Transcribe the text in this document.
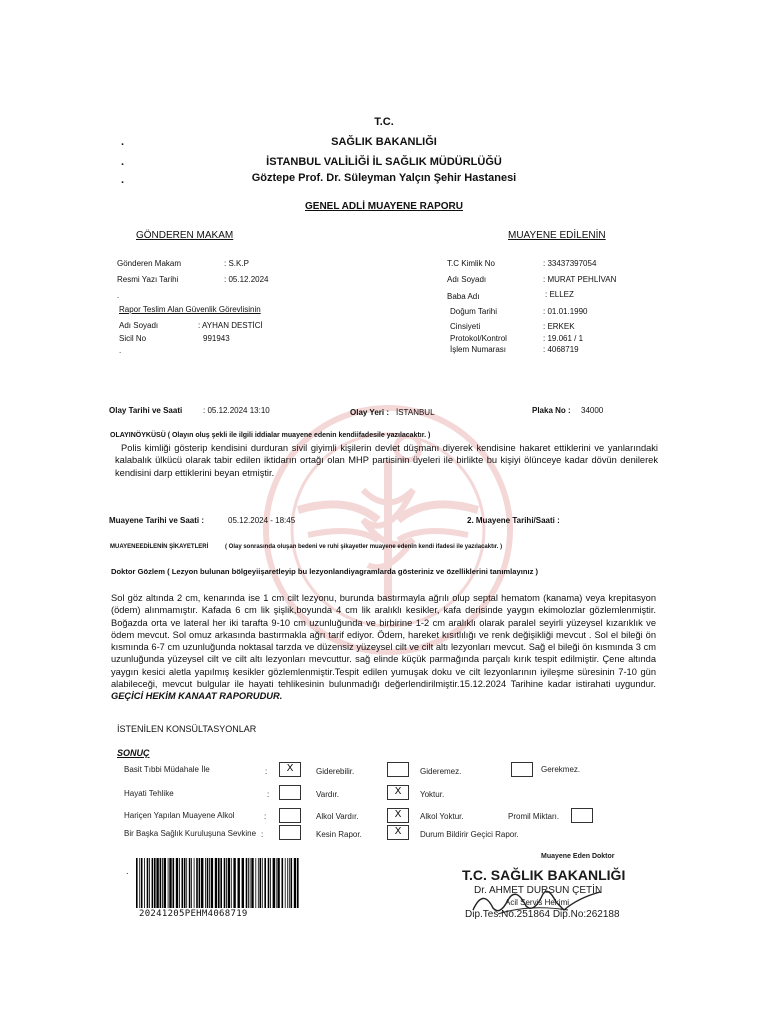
T.C.
.	SAĞLIK BAKANLIĞI
.	İSTANBUL VALİLİĞİ İL SAĞLIK MÜDÜRLÜĞÜ
.	Göztepe Prof. Dr. Süleyman Yalçın Şehir Hastanesi
GENEL ADLİ MUAYENE RAPORU
GÖNDEREN MAKAM	MUAYENE EDİLENİN
Gönderen Makam	: S.K.P
Resmi Yazı Tarihi	: 05.12.2024
.
Rapor Teslim Alan Güvenlik Görevlisinin
Adı Soyadı	: AYHAN DESTİCİ
Sicil No	991943
.
T.C Kimlik No	: 33437397054
Adı Soyadı	: MURAT PEHLİVAN
Baba Adı	: ELLEZ
Doğum Tarihi	: 01.01.1990
Cinsiyeti	: ERKEK
Protokol/Kontrol	: 19.061 / 1
İşlem Numarası	: 4068719
Olay Tarihi ve Saati	: 05.12.2024 13:10	Olay Yeri : İSTANBUL	Plaka No : 34000
OLAYINÖYKÜSÜ ( Olayın oluş şekli ile ilgili iddialar muayene edenin kendiifadesile yazılacaktır. )
Polis kimliği gösterip kendisini durduran sivil giyimli kişilerin devlet düşmanı diyerek kendisine hakaret ettiklerini ve yanlarındaki kalabalık ülkücü olarak tabir edilen iktidarın ortağı olan MHP partisinin üyeleri ile birlikte bu kişiyi ölünceye kadar dövün denilerek kendisini darp ettiklerini beyan etmiştir.
Muayene Tarihi ve Saati :	05.12.2024 - 18:45	2. Muayene Tarihi/Saati :
MUAYENEEDİLENİN ŞİKAYETLERİ	( Olay sonrasında oluşan bedeni ve ruhi şikayetler muayene edenin kendi ifadesi ile yazılacaktır. )
Doktor Gözlem ( Lezyon bulunan bölgeyiişaretleyip bu lezyonlandiyagramlarda gösteriniz ve özelliklerini tanımlayınız )
Sol göz altında 2 cm, kenarında ise 1 cm cilt lezyonu, burunda bastırmayla ağrılı olup septal hematom (kanama) veya krepitasyon (ödem) alınmamıştır. Kafada 6 cm lik şişlik,boyunda 4 cm lik aralıklı kesikler, kafa derisinde yaygın ekimolozlar gözlemlenmiştir. Boğazda orta ve lateral her iki tarafta 9-10 cm uzunluğunda ve birbirine 1-2 cm aralıklı olarak paralel seyirli yüzeysel kızarıklık ve ödem mevcut. Sol omuz arkasında bastırmakla ağrı tarif ediyor. Ödem, hareket kısıtlılığı ve renk değişikliği mevcut . Sol el bileği ön kısmında 6-7 cm uzunluğunda noktasal tarzda ve düzensiz yüzeysel cilt ve cilt altı lezyonları mevcut. Sağ el bileği ön kısmında 3 cm uzunluğunda yüzeysel cilt ve cilt altı lezyonları mevcuttur. sağ elinde küçük parmağında parçalı kırık tespit edilmiştir. Çene altında yaygın kesici aletla yapılmış kesikler gözlemlenmiştir.Tespit edilen yumuşak doku ve cilt lezyonlarının iyileşme süresinin 7-10 gün alabileceği, mevcut bulgular ile hayati tehlikesinin bulunmadığı değerlendirilmiştir.15.12.2024 Tarihine kadar istirahati uygundur. GEÇİCİ HEKİM KANAAT RAPORUDUR.
İSTENİLEN KONSÜLTASYONLAR
SONUÇ
Basit Tıbbi Müdahale İle	:	X	Giderebilir.	Gideremez.	Gerekmez.
Hayati Tehlike	:	Vardır.	X	Yoktur.
Hariçen Yapılan Muayene Alkol	:	Alkol Vardır.	X	Alkol Yoktur.	Promil Miktarı.
Bir Başka Sağlık Kuruluşuna Sevkine :	Kesin Rapor.	X	Durum Bildirir Geçici Rapor.
.
20241205PEHM4068719
Muayene Eden Doktor
T.C. SAĞLIK BAKANLIĞI
Dr. AHMET DURSUN ÇETİN
Acil Servis Hekimi
Dip.Tes.No.251864 Dip.No:262188
